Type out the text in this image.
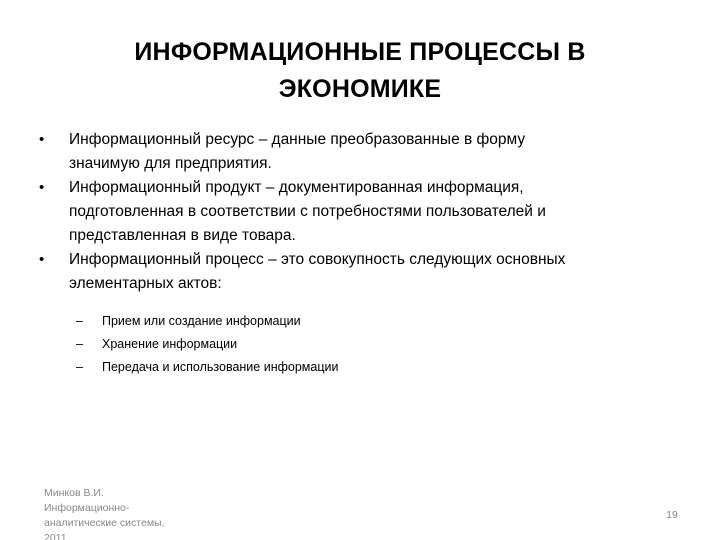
ИНФОРМАЦИОННЫЕ ПРОЦЕССЫ В
ЭКОНОМИКЕ
•	Информационный ресурс – данные преобразованные в форму
значимую для предприятия.
•	Информационный продукт – документированная информация,
подготовленная в соответствии с потребностями пользователей и
представленная в виде товара.
•	Информационный процесс – это совокупность следующих основных
элементарных актов:
–	Прием или создание информации
–	Хранение информации
–	Передача и использование информации
Минков В.И.
Информационно-
аналитические системы,
2011
19
